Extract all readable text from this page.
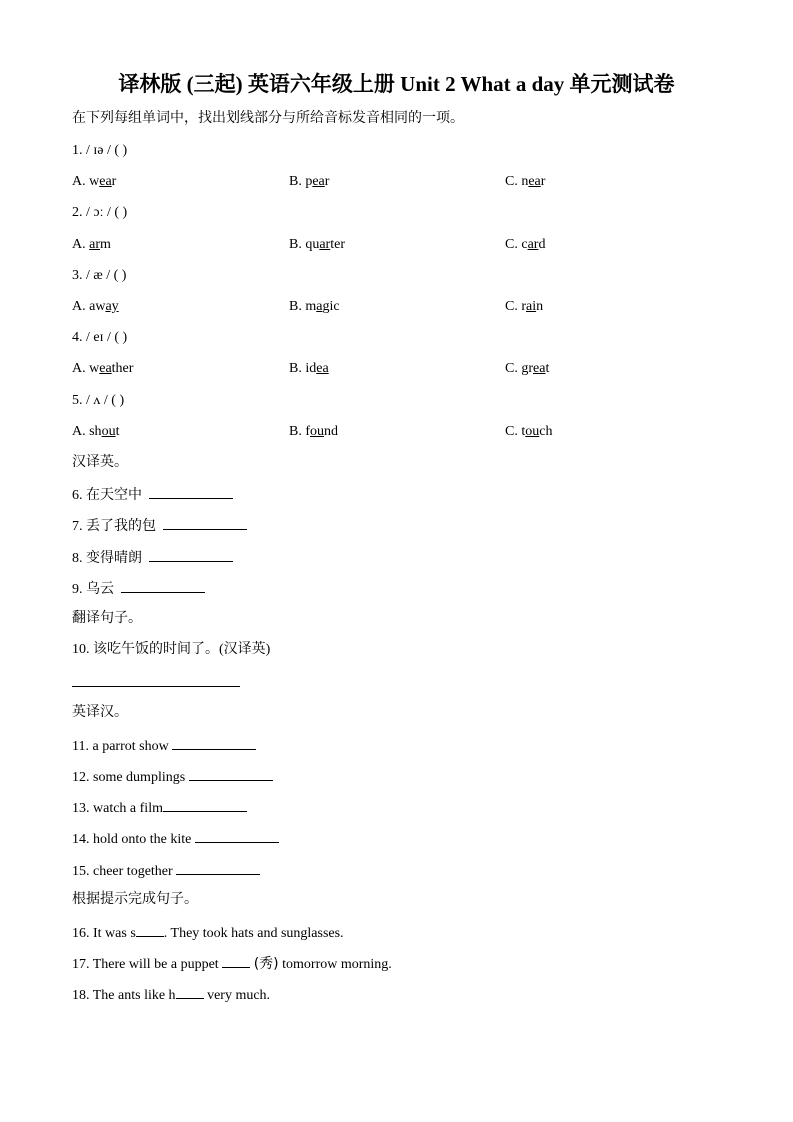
译林版 (三起) 英语六年级上册 Unit 2 What a day 单元测试卷
在下列每组单词中，找出划线部分与所给音标发音相同的一项。
1. / ɪə / ( )
A. wear	B. pear	C. near
2. / ɔː / ( )
A. arm	B. quarter	C. card
3. / æ / ( )
A. away	B. magic	C. rain
4. / eɪ / ( )
A. weather	B. idea	C. great
5. / ʌ / ( )
A. shout	B. found	C. touch
汉译英。
6. 在天空中
7. 丢了我的包
8. 变得晴朗
9. 乌云
翻译句子。
10. 该吃午饭的时间了。(汉译英)
英译汉。
11. a parrot show
12. some dumplings
13. watch a film
14. hold onto the kite
15. cheer together
根据提示完成句子。
16. It was s . They took hats and sunglasses.
17. There will be a puppet  (秀) tomorrow morning.
18. The ants like h very much.
